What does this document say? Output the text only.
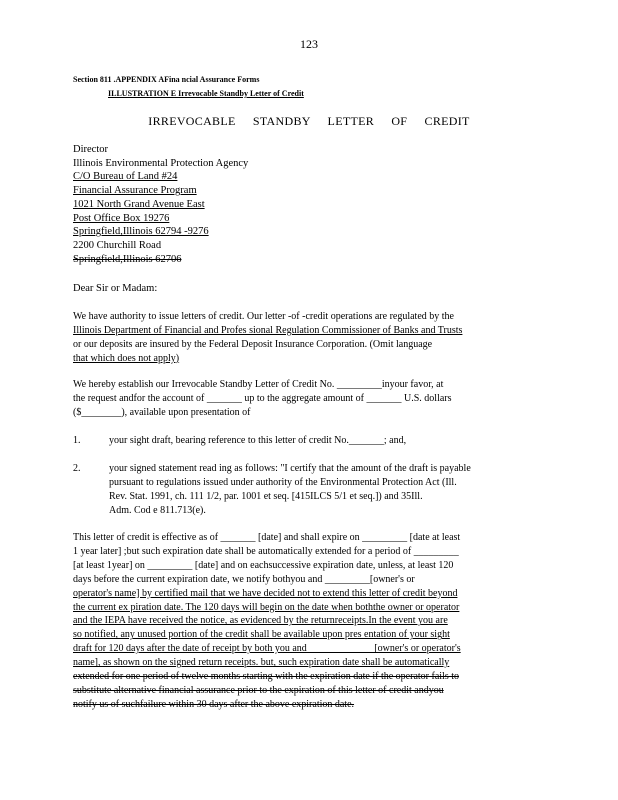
123
Section 811 .APPENDIX AFina ncial Assurance Forms
ILLUSTRATION E Irrevocable Standby Letter of Credit
IRREVOCABLE STANDBY LETTER OF CREDIT
Director
Illinois Environmental Protection Agency
C/O Bureau of Land #24
Financial Assurance Program
1021 North Grand Avenue East
Post Office Box 19276
Springfield,Illinois 62794 -9276
2200 Churchill Road
Springfield,Illinois 62706
Dear Sir or Madam:
We have authority to issue letters of credit. Our letter -of -credit operations are regulated by the
Illinois Department of Financial and Profes sional Regulation Commissioner of Banks and Trusts
or our deposits are insured by the Federal Deposit Insurance Corporation. (Omit language
that which does not apply)
We hereby establish our Irrevocable Standby Letter of Credit No. _________inyour favor, at
the request andfor the account of _______ up to the aggregate amount of _______ U.S. dollars
($________), available upon presentation of
1.	your sight draft, bearing reference to this letter of credit No._______; and,
2.	your signed statement read ing as follows: "I certify that the amount of the draft is payable
pursuant to regulations issued under authority of the Environmental Protection Act (Ill.
Rev. Stat. 1991, ch. 111 1/2, par. 1001 et seq. [415ILCS 5/1 et seq.]) and 35Ill.
Adm. Cod e 811.713(e).
This letter of credit is effective as of _______ [date] and shall expire on _________ [date at least
1 year later] ;but such expiration date shall be automatically extended for a period of _________
[at least 1year] on _________ [date] and on eachsuccessive expiration date, unless, at least 120
days before the current expiration date, we notify bothyou and _________[owner's or
operator's name] by certified mail that we have decided not to extend this letter of credit beyond
the current ex piration date. The 120 days will begin on the date when boththe owner or operator
and the IEPA have received the notice, as evidenced by the returnreceipts.In the event you are
so notified, any unused portion of the credit shall be available upon pres entation of your sight
draft for 120 days after the date of receipt by both you and _____________[owner's or operator's
name], as shown on the signed return receipts. but, such expiration date shall be automatically
extended for one period of twelve months starting with the expiration date if the operator fails to
substitute alternative financial assurance prior to the expiration of this letter of credit andyou
notify us of suchfailure within 30 days after the above expiration date.
